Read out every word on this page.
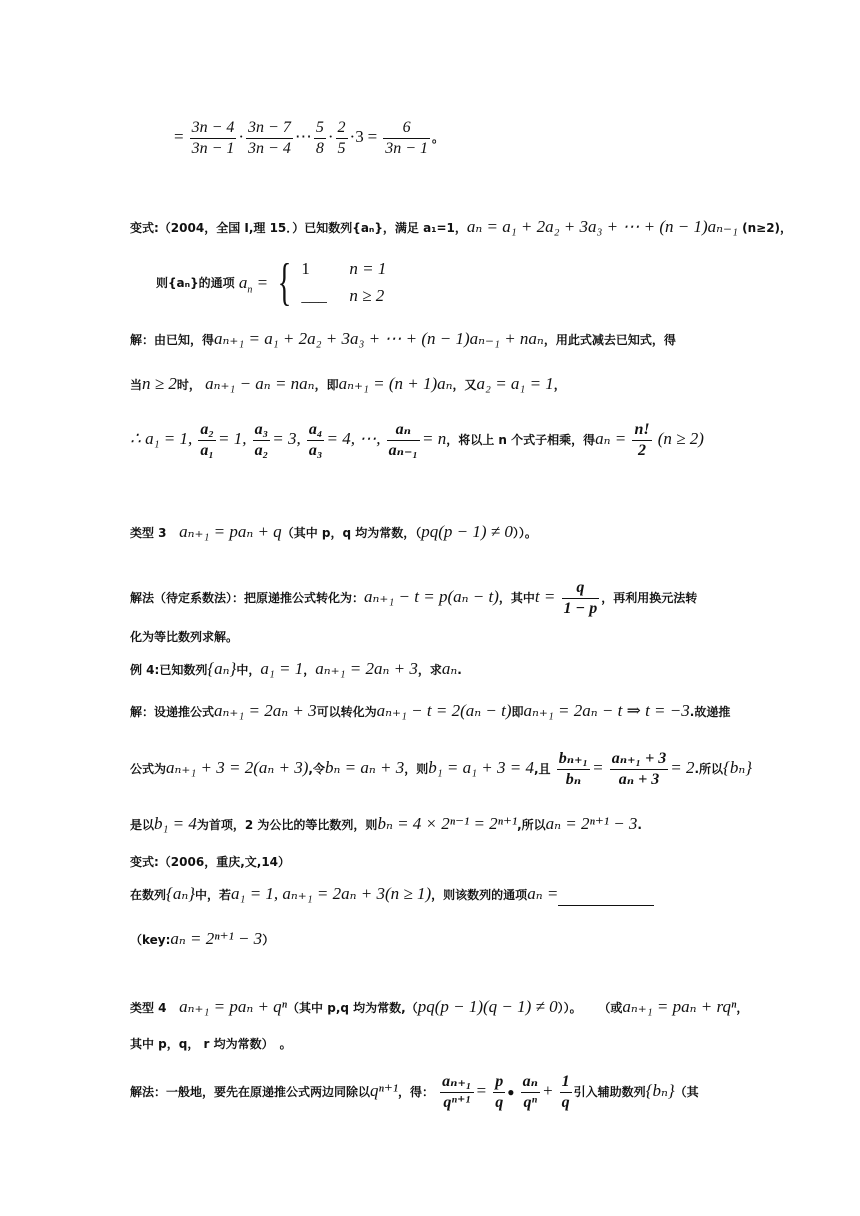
= $\frac{3n - 4}{3n - 1} \cdot \frac{3n - 7}{3n - 4}$ ⋯ $\frac{5}{8} \cdot \frac{2}{5} \cdot 3 = \frac{6}{3n - 1}$ 。
变式:（2004，全国 I,理 15．）已知数列{aₙ}，满足 a₁=1，aₙ = a₁ + 2a₂ + 3a₃ + ⋯ + (n − 1)aₙ₋₁ (n≥2)，
则{aₙ}的通项 $a_n$ = { 1 n = 1
___ n ≥ 2
解：由已知，得aₙ₊₁ = a₁ + 2a₂ + 3a₃ + ⋯ + (n − 1)aₙ₋₁ + naₙ，用此式减去已知式，得
当n ≥ 2时， aₙ₊₁ − aₙ = naₙ，即aₙ₊₁ = (n + 1)aₙ，又a₂ = a₁ = 1，
∴ a₁ = 1, $\frac{\text{a₂}}{\text{a₁}} = 1$, $\frac{\text{a₃}}{\text{a₂}} = 3$, $\frac{\text{a₄}}{\text{a₃}} = 4$, ⋯, $\frac{\text{aₙ}}{\text{aₙ₋₁}} = n$，将以上 n 个式子相乘，得$a_n = \frac{n!}{2} (n \ge 2)$
类型 3 aₙ₊₁ = paₙ + q（其中 p，q 均为常数，（pq(p − 1) ≠ 0））。
解法（待定系数法）：把原递推公式转化为：aₙ₊₁ − t = p(aₙ − t)，其中$t = \frac{q}{1 - p}$ ，再利用换元法转
化为等比数列求解。
例 4:已知数列{aₙ}中，a₁ = 1，aₙ₊₁ = 2aₙ + 3，求aₙ.
解：设递推公式aₙ₊₁ = 2aₙ + 3可以转化为aₙ₊₁ − t = 2(aₙ − t)即aₙ₊₁ = 2aₙ − t ⇒ t = −3.故递推
公式为aₙ₊₁ + 3 = 2(aₙ + 3),令bₙ = aₙ + 3，则b₁ = a₁ + 3 = 4,且 $\frac{\text{bₙ₊₁}}{\text{bₙ}} = \frac{\text{aₙ₊₁ + 3}}{\text{aₙ + 3}} = 2$.所以{bₙ}
是以b₁ = 4为首项，2 为公比的等比数列，则bₙ = 4 × 2ⁿ⁻¹ = 2ⁿ⁺¹,所以aₙ = 2ⁿ⁺¹ − 3.
变式:（2006，重庆,文,14）
在数列{aₙ}中，若a₁ = 1, aₙ₊₁ = 2aₙ + 3(n ≥ 1)，则该数列的通项aₙ =
（key:aₙ = 2ⁿ⁺¹ − 3）
类型 4 aₙ₊₁ = paₙ + qⁿ（其中 p,q 均为常数,（pq(p − 1)(q − 1) ≠ 0））。 （或aₙ₊₁ = paₙ + rqⁿ，
其中 p，q， r 均为常数）　。
解法：一般地，要先在原递推公式两边同除以qⁿ⁺¹，得： $\frac{\text{aₙ₊₁}}{\text{qⁿ⁺¹}} = \frac{p}{q}$ ● $\frac{\text{aₙ}}{\text{qⁿ}} + \frac{1}{q}$ 引入辅助数列{bₙ}（其
